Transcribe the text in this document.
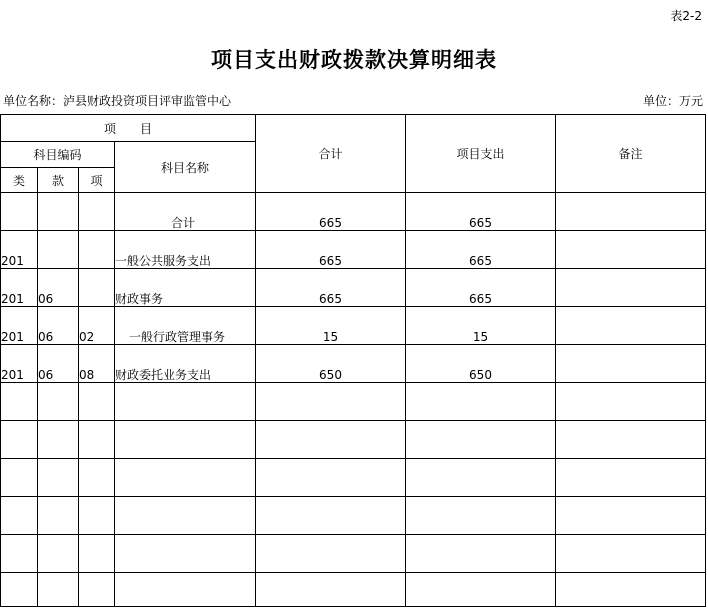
表2-2
项目支出财政拨款决算明细表
单位名称：泸县财政投资项目评审监管中心	单位：万元
项　　目				合计	项目支出	备注
科目编码			科目名称			
类	款	项				
			合计	665	665	
201			一般公共服务支出	665	665	
201	06		财政事务	665	665	
201	06	02	一般行政管理事务	15	15	
201	06	08	财政委托业务支出	650	650	
